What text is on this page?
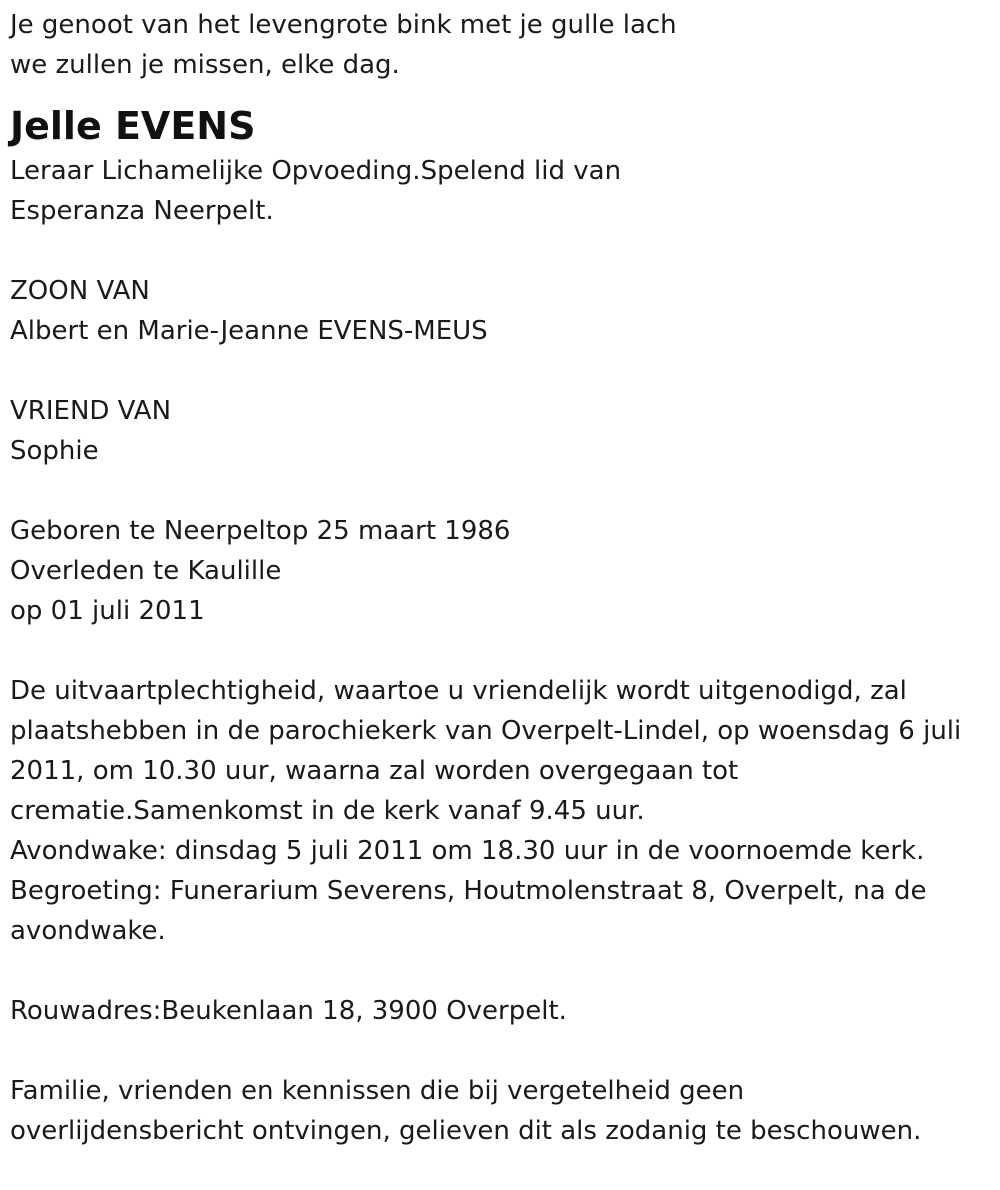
Je genoot van het levengrote bink met je gulle lach
we zullen je missen, elke dag.
Jelle EVENS
Leraar Lichamelijke Opvoeding.Spelend lid van
Esperanza Neerpelt.
ZOON VAN
Albert en Marie-Jeanne EVENS-MEUS
VRIEND VAN
Sophie
Geboren te Neerpeltop 25 maart 1986
Overleden te Kaulille
op 01 juli 2011
De uitvaartplechtigheid, waartoe u vriendelijk wordt uitgenodigd, zal
plaatshebben in de parochiekerk van Overpelt-Lindel, op woensdag 6 juli
2011, om 10.30 uur, waarna zal worden overgegaan tot
crematie.Samenkomst in de kerk vanaf 9.45 uur.
Avondwake: dinsdag 5 juli 2011 om 18.30 uur in de voornoemde kerk.
Begroeting: Funerarium Severens, Houtmolenstraat 8, Overpelt, na de
avondwake.
Rouwadres:Beukenlaan 18, 3900 Overpelt.
Familie, vrienden en kennissen die bij vergetelheid geen
overlijdensbericht ontvingen, gelieven dit als zodanig te beschouwen.
